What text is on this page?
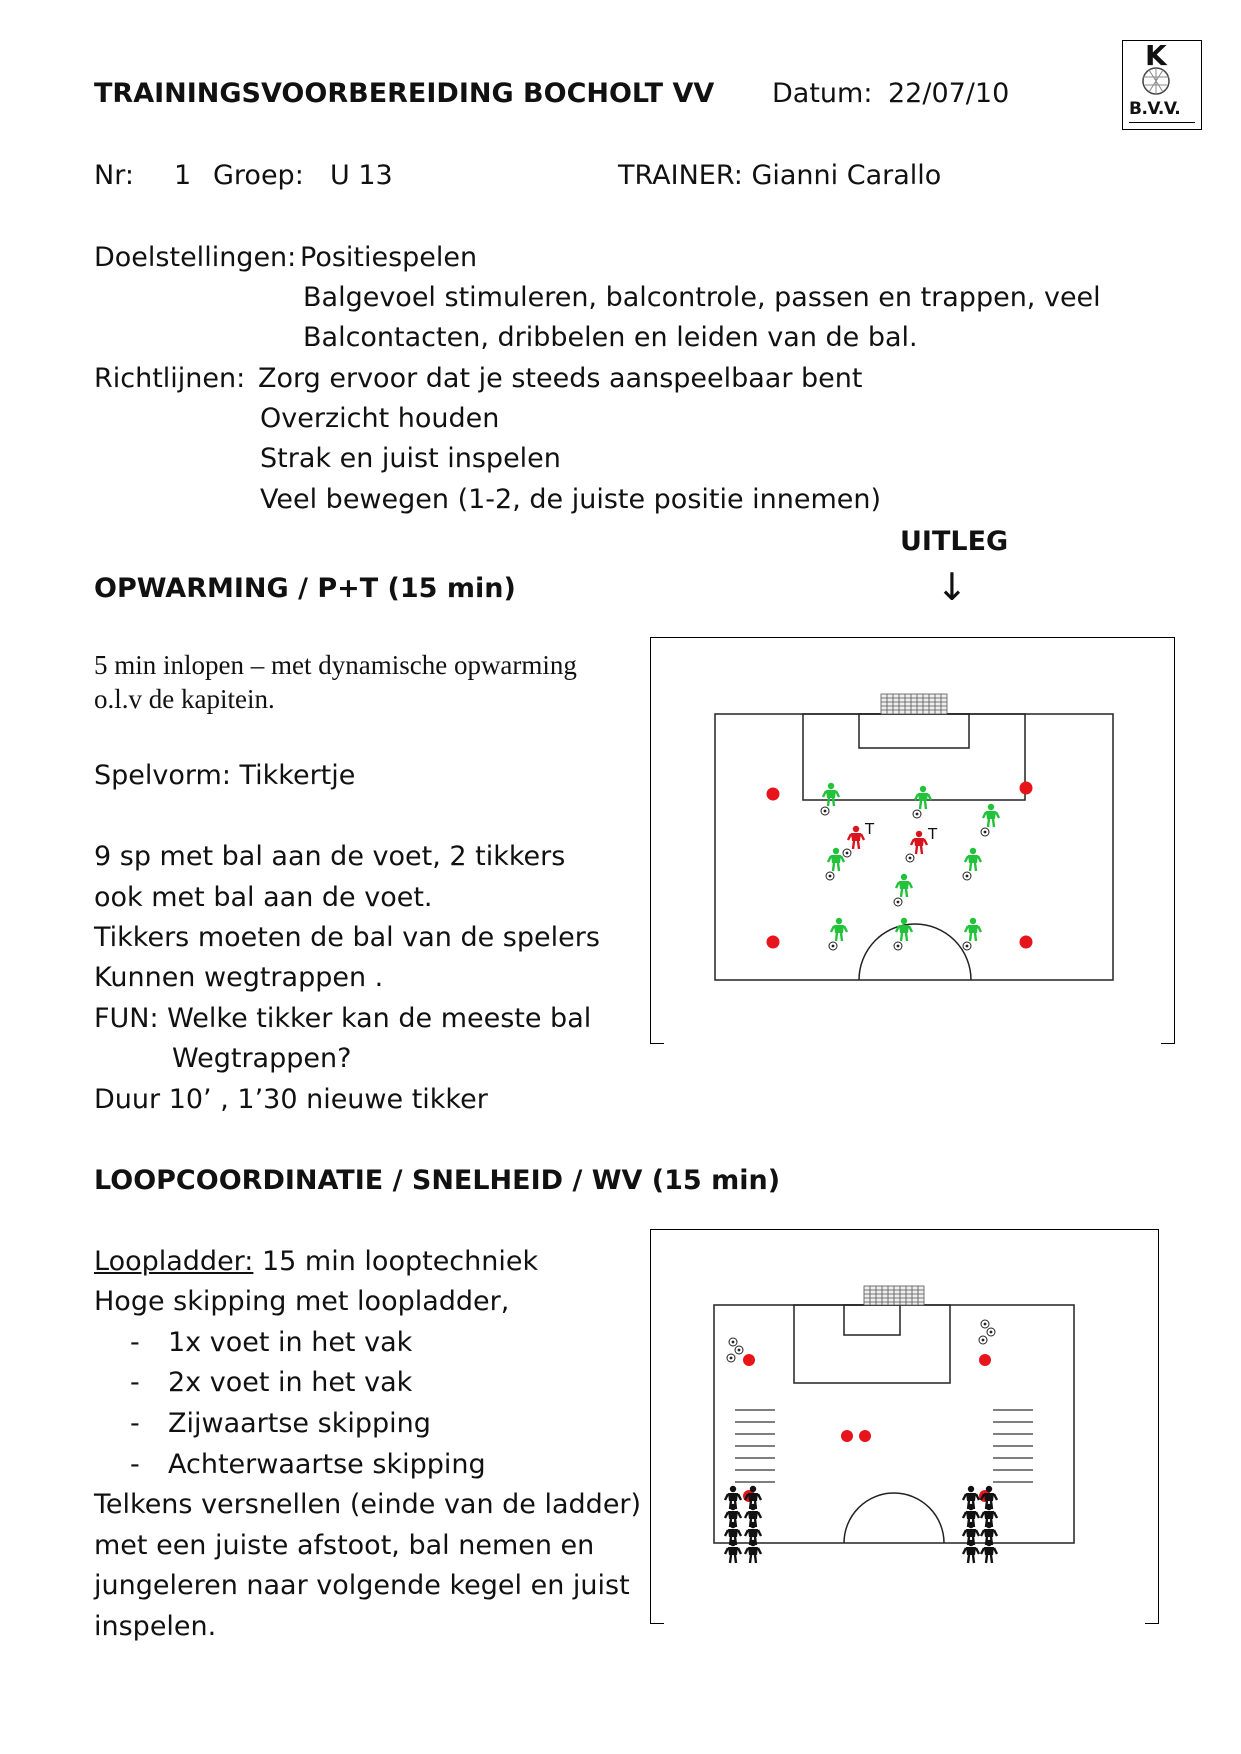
TRAININGSVOORBEREIDING BOCHOLT VV Datum: 22/07/10
K
B.V.V.
Nr: 1 Groep: U 13	TRAINER: Gianni Carallo
Doelstellingen: Positiespelen
Balgevoel stimuleren, balcontrole, passen en trappen, veel
Balcontacten, dribbelen en leiden van de bal.
Richtlijnen: Zorg ervoor dat je steeds aanspeelbaar bent
Overzicht houden
Strak en juist inspelen
Veel bewegen (1-2, de juiste positie innemen)
UITLEG
↓
OPWARMING / P+T (15 min)
5 min inlopen – met dynamische opwarming
o.l.v de kapitein.
Spelvorm: Tikkertje
9 sp met bal aan de voet, 2 tikkers
ook met bal aan de voet.
Tikkers moeten de bal van de spelers
Kunnen wegtrappen .
FUN: Welke tikker kan de meeste bal
Wegtrappen?
Duur 10’ , 1’30 nieuwe tikker
T	T
LOOPCOORDINATIE / SNELHEID / WV (15 min)
Loopladder: 15 min looptechniek
Hoge skipping met loopladder,
- 1x voet in het vak
- 2x voet in het vak
- Zijwaartse skipping
- Achterwaartse skipping
Telkens versnellen (einde van de ladder)
met een juiste afstoot, bal nemen en
jungeleren naar volgende kegel en juist
inspelen.
